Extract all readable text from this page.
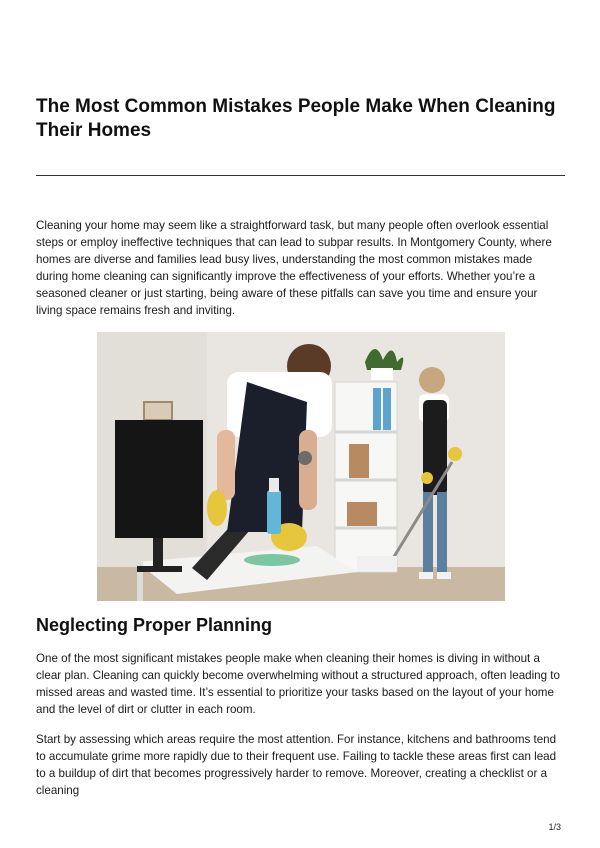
The Most Common Mistakes People Make When Cleaning Their Homes

Cleaning your home may seem like a straightforward task, but many people often overlook essential steps or employ ineffective techniques that can lead to subpar results. In Montgomery County, where homes are diverse and families lead busy lives, understanding the most common mistakes made during home cleaning can significantly improve the effectiveness of your efforts. Whether you’re a seasoned cleaner or just starting, being aware of these pitfalls can save you time and ensure your living space remains fresh and inviting.

Neglecting Proper Planning

One of the most significant mistakes people make when cleaning their homes is diving in without a clear plan. Cleaning can quickly become overwhelming without a structured approach, often leading to missed areas and wasted time. It’s essential to prioritize your tasks based on the layout of your home and the level of dirt or clutter in each room.

Start by assessing which areas require the most attention. For instance, kitchens and bathrooms tend to accumulate grime more rapidly due to their frequent use. Failing to tackle these areas first can lead to a buildup of dirt that becomes progressively harder to remove. Moreover, creating a checklist or a cleaning

1/3
